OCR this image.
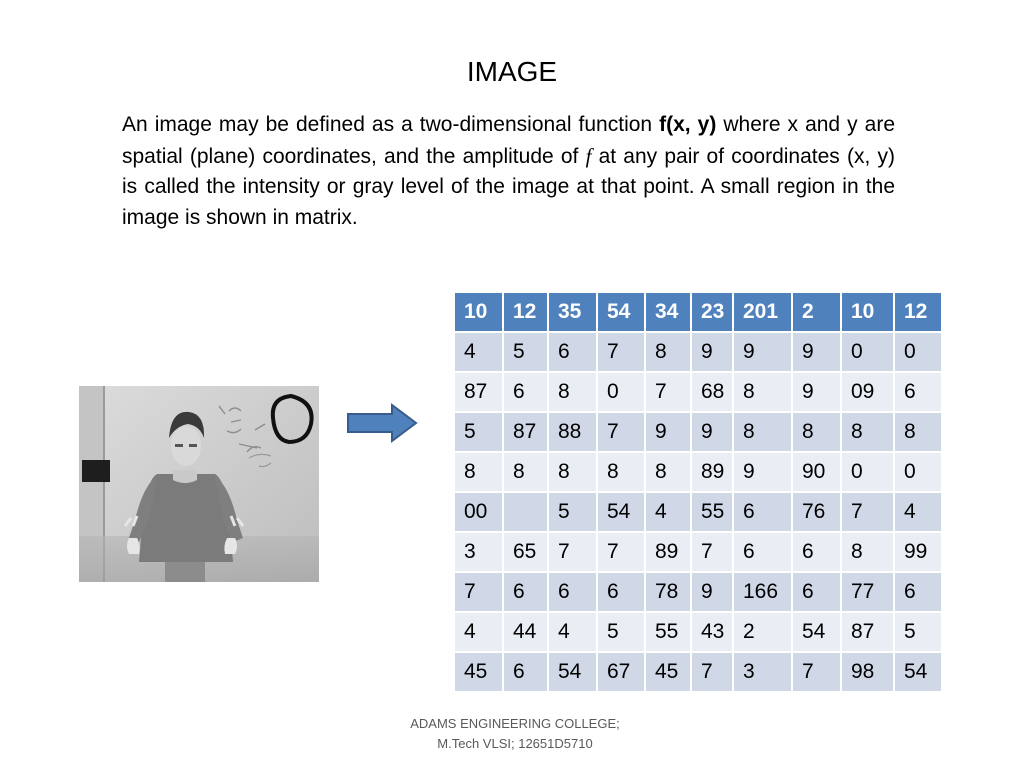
IMAGE
An image may be defined as a two-dimensional function f(x, y) where x and y are spatial (plane) coordinates, and the amplitude of f at any pair of coordinates (x, y) is called the intensity or gray level of the image at that point. A small region in the image is shown in matrix.
10	12	35	54	34	23	201	2	10	12
4	5	6	7	8	9	9	9	0	0
87	6	8	0	7	68	8	9	09	6
5	87	88	7	9	9	8	8	8	8
8	8	8	8	8	89	9	90	0	0
00		5	54	4	55	6	76	7	4
3	65	7	7	89	7	6	6	8	99
7	6	6	6	78	9	166	6	77	6
4	44	4	5	55	43	2	54	87	5
45	6	54	67	45	7	3	7	98	54
ADAMS ENGINEERING COLLEGE;
M.Tech VLSI; 12651D5710
